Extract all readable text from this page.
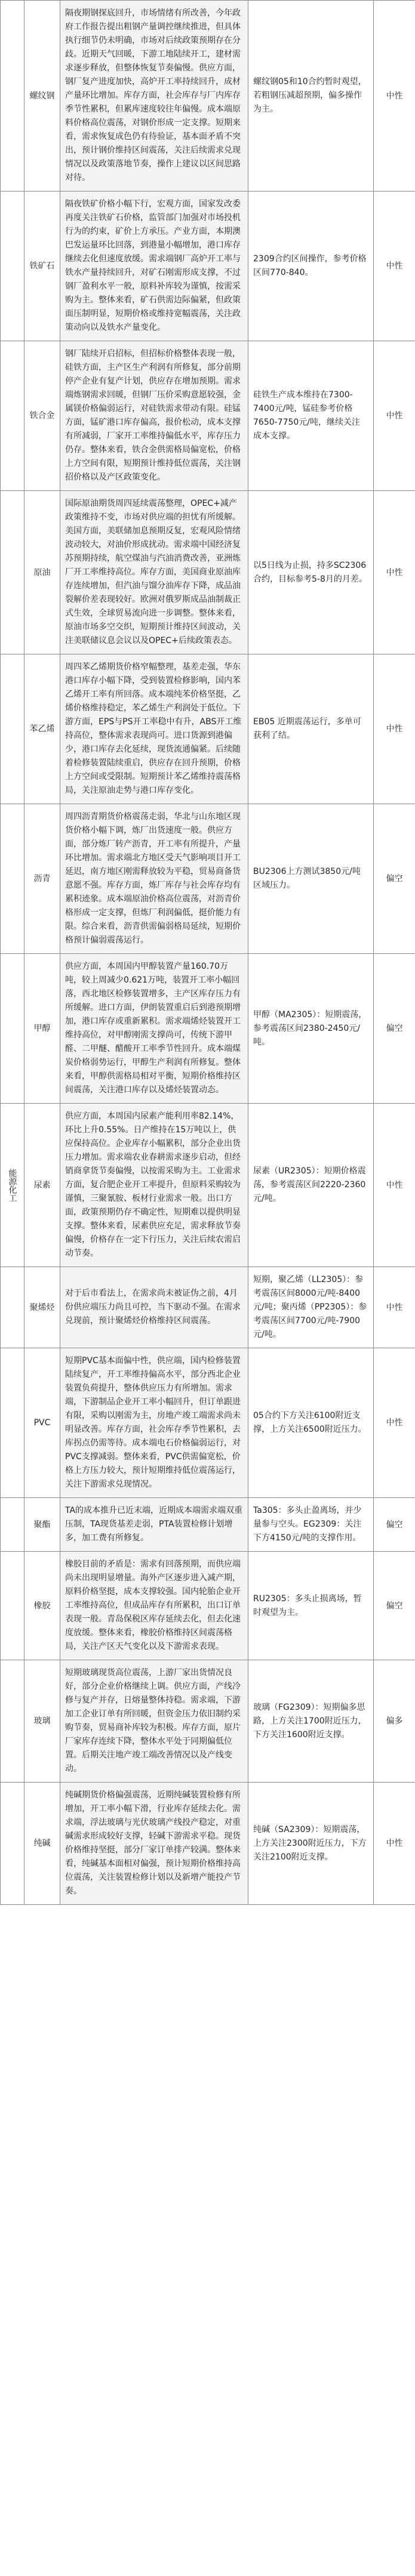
	螺纹钢	隔夜期钢探底回升，市场情绪有所改善，今年政府工作报告提出粗钢产量调控继续推进，但具体执行细节仍未明确，市场对后续政策预期存在分歧。近期天气回暖，下游工地陆续开工，建材需求逐步释放，但整体恢复节奏偏慢。供应方面，钢厂复产进度加快，高炉开工率持续回升，成材产量环比增加。库存方面，社会库存与厂内库存季节性累积，但累库速度较往年偏慢。成本端原料价格高位震荡，对钢价形成一定支撑。短期来看，需求恢复成色仍有待验证，基本面矛盾不突出，预计钢价维持区间震荡，关注后续需求兑现情况以及政策落地节奏，操作上建议以区间思路对待。	螺纹钢05和10合约暂时观望，若粗钢压减超预期，偏多操作为主。	中性
	铁矿石	隔夜铁矿价格小幅下行，宏观方面，国家发改委再度关注铁矿石价格，监管部门加强对市场投机行为的约束，矿价上方承压。产业方面，本期澳巴发运量环比回落，到港量小幅增加，港口库存继续去化但速度放缓。需求端钢厂高炉开工率与铁水产量持续回升，对矿石刚需形成支撑，不过钢厂盈利水平一般，原料补库较为谨慎，按需采购为主。整体来看，矿石供需边际偏紧，但政策面压制明显，短期价格或维持宽幅震荡，关注政策动向以及铁水产量变化。	2309合约区间操作，参考价格区间770-840。	中性
	铁合金	钢厂陆续开启招标，但招标价格整体表现一般，硅铁方面，主产区生产利润有所修复，部分前期停产企业有复产计划，供应存在增加预期。需求端炼钢需求回暖，但钢厂压价采购意愿较强，金属镁价格偏弱运行，对硅铁需求带动有限。硅锰方面，锰矿港口库存偏高，报价松动，成本支撑有所减弱，厂家开工率维持偏低水平，库存压力仍存。整体来看，铁合金供需格局偏宽松，价格上方空间有限，短期预计维持低位震荡，关注钢招价格以及产区政策变化。	硅铁生产成本维持在7300-7400元/吨，锰硅参考价格7650-7750元/吨，继续关注成本支撑。	中性
	原油	国际原油期货周四延续震荡整理，OPEC+减产政策维持不变，市场对供应端的担忧有所缓解。美国方面，美联储加息预期反复，宏观风险情绪波动较大，对油价形成扰动。需求端中国经济复苏预期持续，航空煤油与汽油消费改善，亚洲炼厂开工率维持高位。库存方面，美国商业原油库存连续增加，但汽油与馏分油库存下降，成品油裂解价差表现较好。欧洲对俄罗斯成品油制裁正式生效，全球贸易流向进一步调整。整体来看，原油市场多空交织，短期预计维持区间波动，关注美联储议息会议以及OPEC+后续政策表态。	以5日线为止损，持多SC2306合约，目标参考5-8月的月差。	中性
	苯乙烯	周四苯乙烯期货价格窄幅整理，基差走强，华东港口库存小幅下降，受到装置检修影响，国内苯乙烯开工率有所回落。成本端纯苯价格坚挺，乙烯价格维持稳定，苯乙烯生产利润处于低位。下游方面，EPS与PS开工率稳中有升，ABS开工维持高位，整体需求表现尚可。进口货源到港偏少，港口库存去化延续，现货流通偏紧。后续随着检修装置陆续重启，供应存在回升预期，价格上方空间或受限制。短期预计苯乙烯维持震荡格局，关注原油走势与港口库存变化。	EB05 近期震荡运行，多单可获利了结。	中性
	沥青	周四沥青期货价格震荡走弱，华北与山东地区现货价格小幅下调，炼厂出货速度一般。供应方面，部分炼厂转产沥青，开工率有所提升，产量环比增加。需求端北方地区受天气影响项目开工延迟，南方地区刚需释放较为平稳，贸易商备货意愿不强。库存方面，炼厂库存与社会库存均有累积迹象。成本端原油价格高位震荡，对沥青价格形成一定支撑，但炼厂利润偏低，挺价能力有限。综合来看，沥青供需偏弱格局延续，短期价格预计偏弱震荡运行。	BU2306上方测试3850元/吨区域压力。	偏空
	甲醇	供应方面，本周国内甲醇装置产量160.70万吨，较上周减少0.621万吨，装置开工率小幅回落，西北地区检修装置增多，主产区库存压力有所缓解。进口方面，伊朗装置重启后到港预期增加，港口库存或重新累积。需求端烯烃装置开工维持高位，对甲醇刚需支撑尚可，传统下游甲醛、二甲醚、醋酸开工率季节性回升。成本端煤炭价格弱势运行，甲醇生产利润有所修复。整体来看，甲醇供需格局相对平衡，短期价格维持区间震荡，关注港口库存以及烯烃装置动态。	甲醇（MA2305）：短期震荡，参考震荡区间2380-2450元/吨。	偏空
能源化工	尿素	供应方面，本周国内尿素产能利用率82.14%，环比上升0.55%。日产维持在15万吨以上，供应保持高位。企业库存小幅累积，部分企业出货压力增加。需求端农业春耕需求逐步启动，但经销商拿货节奏偏慢，以按需采购为主。工业需求方面，复合肥企业开工率提升，但原料采购较为谨慎，三聚氰胺、板材行业需求一般。出口方面，政策预期仍存不确定性，短期难以提供明显支撑。整体来看，尿素供应充足，需求释放节奏偏慢，价格存在一定下行压力，关注后续农需启动节奏。	尿素（UR2305）：短期价格震荡，参考震荡区间2220-2360元/吨。	中性
	聚烯烃	对于后市看法上，在需求尚未被证伪之前，4月份供应端压力尚且可控，当下驱动不强。在需求兑现前，预计聚烯烃价格维持区间震荡。	短期，聚乙烯（LL2305）：参考震荡区间8000元/吨-8400元/吨；聚丙烯（PP2305）：参考震荡区间7700元/吨-7900元/吨。	中性
	PVC	短期PVC基本面偏中性，供应端，国内检修装置陆续复产，开工率维持偏高水平，部分西北企业装置负荷提升，整体供应压力有所增加。需求端，下游制品企业开工率小幅回升，但订单跟进有限，采购以刚需为主，房地产竣工端需求尚未明显改善。库存方面，社会库存季节性累积，去库拐点仍需等待。成本端电石价格偏弱运行，对PVC支撑减弱。整体来看，PVC供需偏宽松，价格上方压力较大，预计短期维持低位震荡运行，关注下游需求兑现情况。	05合约下方关注6100附近支撑，上方关注6500附近压力。	中性
	聚酯	TA的成本推升已近末端，近期成本端需求端双重压制，TA现货基差走弱，PTA装置检修计划增多，加工费有所修复。	Ta305：多头止盈离场，并少量参与空头。EG2309：关注下方4150元/吨的支撑作用。	偏空
	橡胶	橡胶目前的矛盾是：需求有回落预期，而供应端尚未出现明显增量。海外产区逐步进入减产期，原料价格坚挺，成本支撑较强。国内轮胎企业开工率维持高位，但成品库存有所累积，出口订单表现一般。青岛保税区库存延续去化，但去化速度放缓。整体来看，橡胶价格维持区间震荡格局，关注产区天气变化以及下游需求表现。	RU2305：多头止损离场，暂时观望为主。	偏空
	玻璃	短期玻璃现货高位震荡，上游厂家出货情况良好，部分企业价格继续上调。供应方面，产线冷修与复产并存，日熔量整体持稳。需求端，下游加工企业订单有所回暖，但资金压力依旧制约采购节奏，贸易商补库较为积极。库存方面，原片厂家库存连续下降，整体水平处于同期偏低位置。后期关注地产竣工端改善情况以及产线变动。	玻璃（FG2309）：短期偏多思路，上方关注1700附近压力，下方关注1600附近支撑。	偏多
	纯碱	纯碱期货价格偏强震荡，近期纯碱装置检修有所增加，开工率小幅下滑，行业库存延续去化。需求端，浮法玻璃与光伏玻璃产线投产稳定，对重碱需求形成较好支撑，轻碱下游需求平稳。现货价格维持坚挺，部分厂家订单排产较满。整体来看，纯碱基本面相对偏强，预计短期价格维持高位震荡，关注装置检修计划以及新增产能投产节奏。	纯碱（SA2309）：短期震荡，上方关注2300附近压力，下方关注2100附近支撑。	中性
